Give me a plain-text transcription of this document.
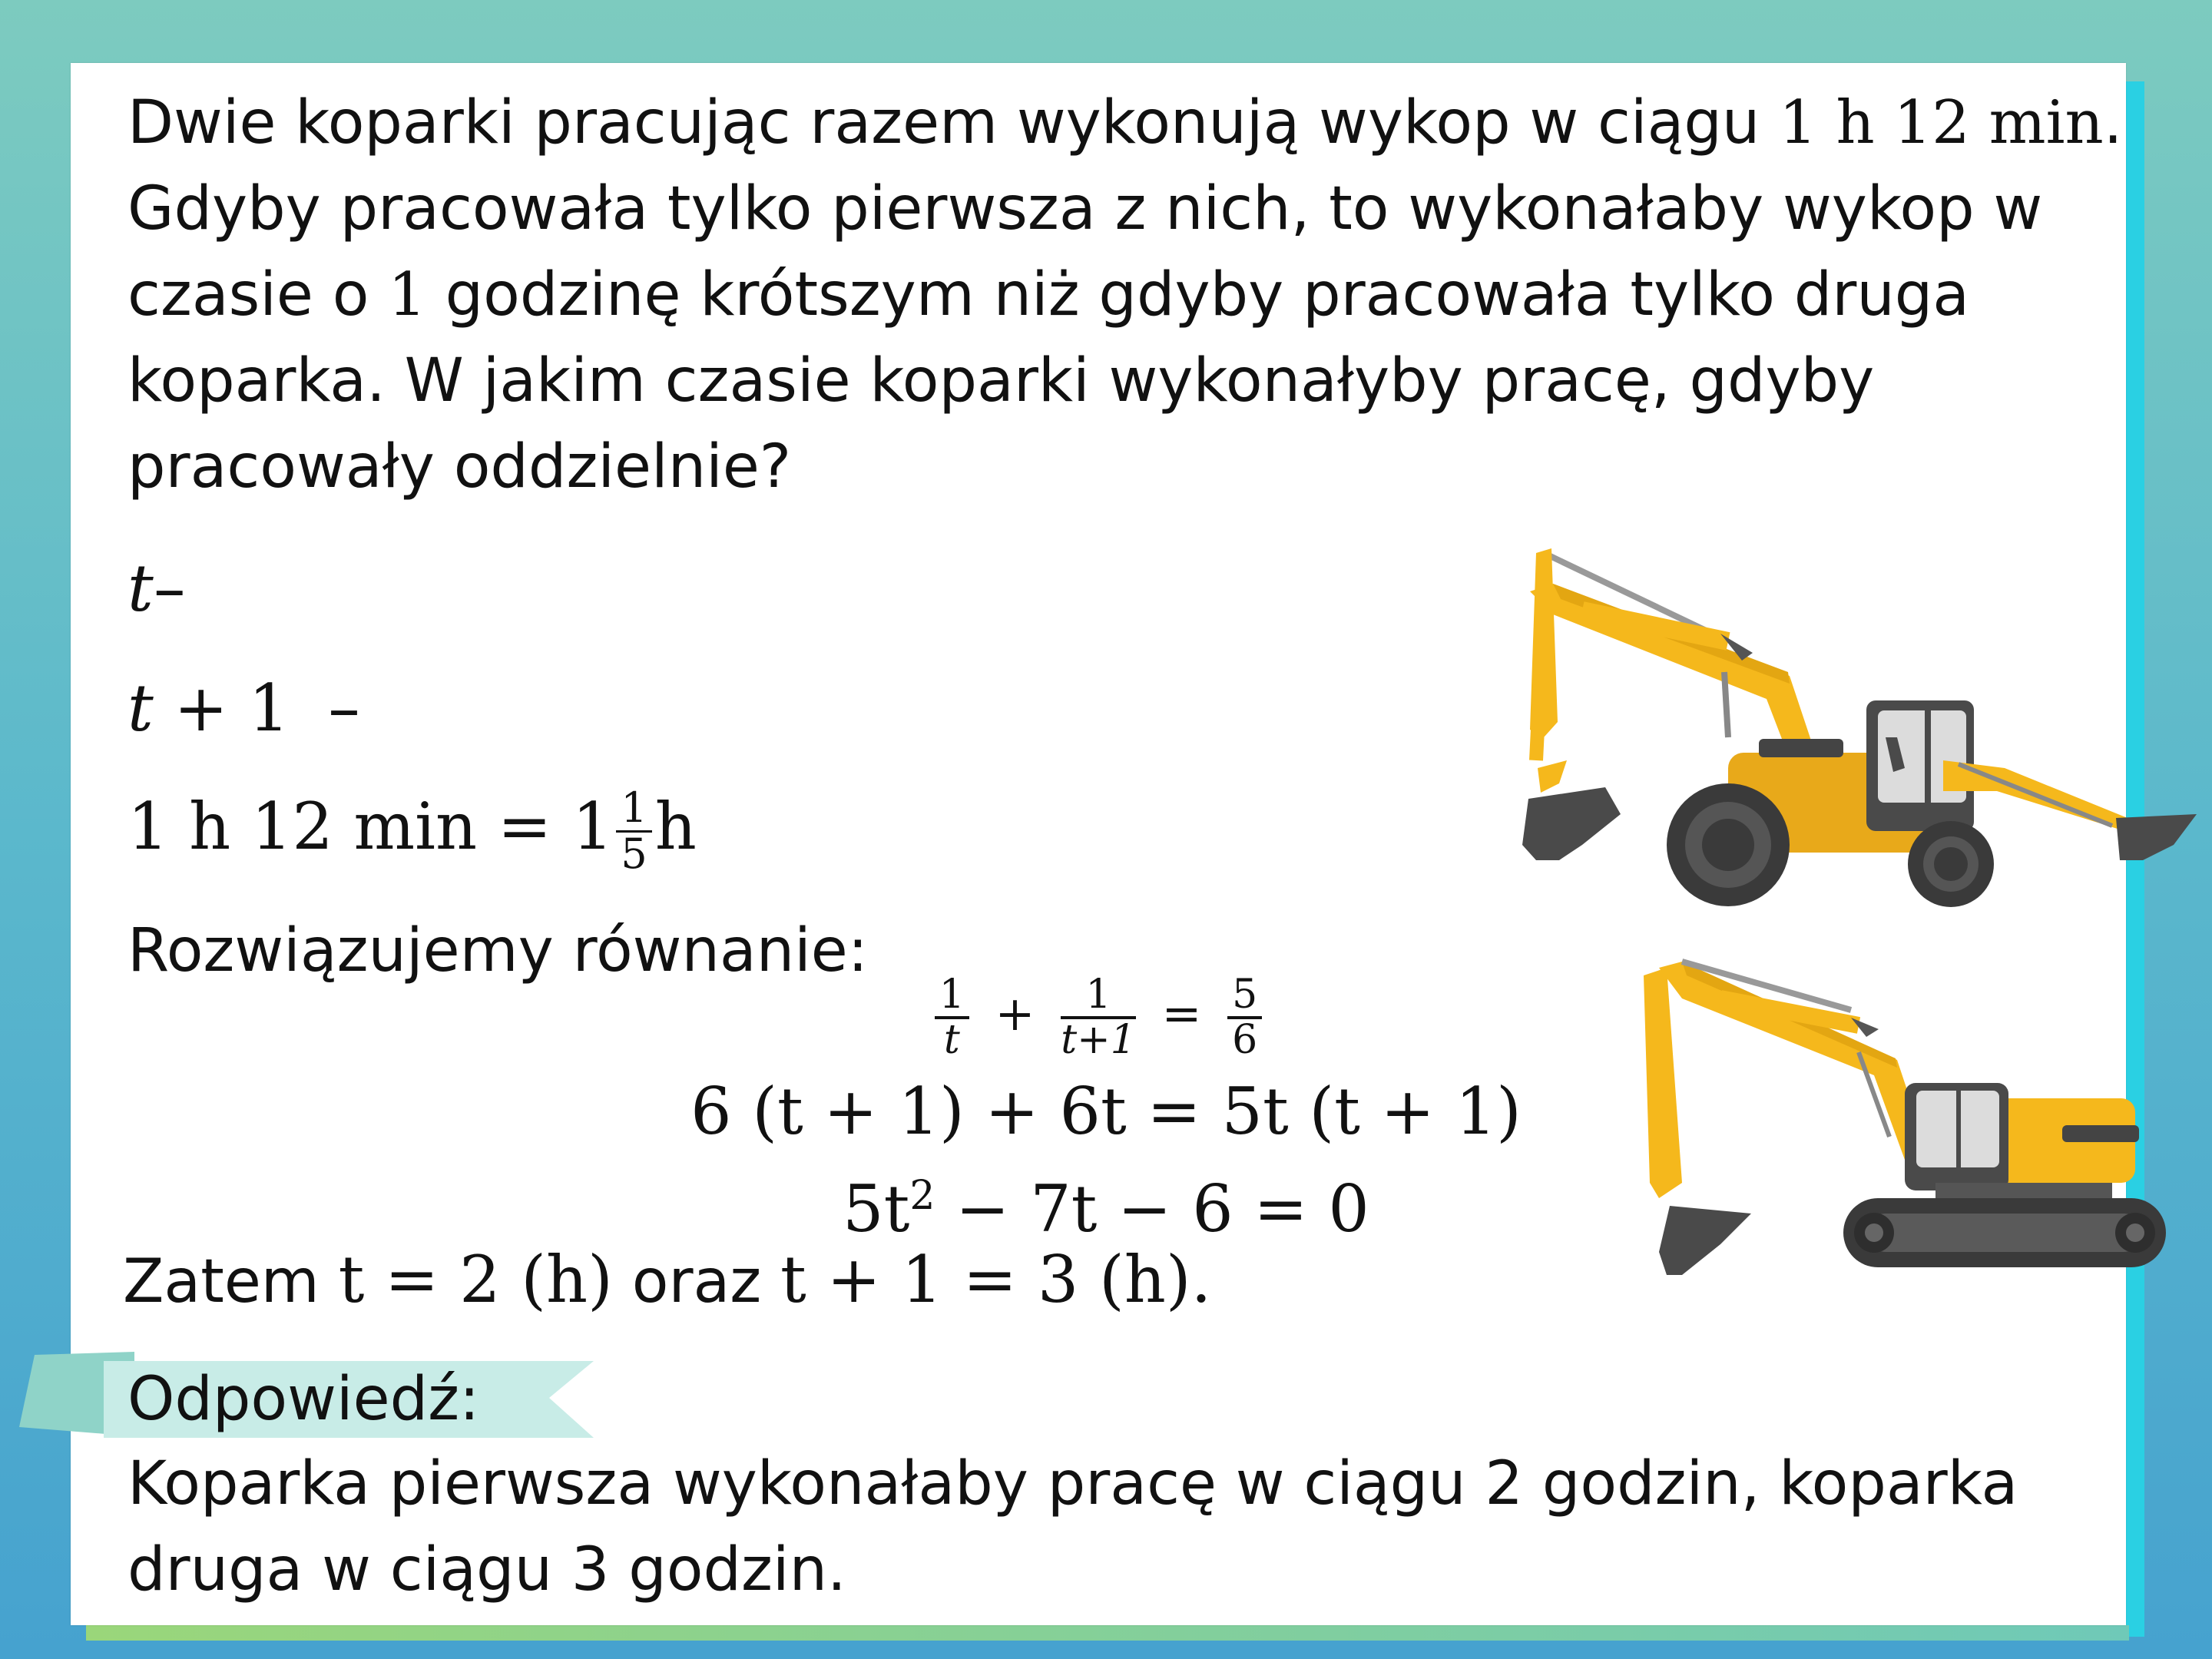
Dwie koparki pracując razem wykonują wykop w ciągu 1 h 12 min.
Gdyby pracowała tylko pierwsza z nich, to wykonałaby wykop w
czasie o 1 godzinę krótszym niż gdyby pracowała tylko druga
koparka. W jakim czasie koparki wykonałyby pracę, gdyby
pracowały oddzielnie?
t–
t + 1 –
1 h 12 $\min = 1 \frac{1}{5}$ h
Rozwiązujemy równanie:
$\frac{1}{t} + \frac{1}{t+1} = \frac{5}{6}$
6 (t + 1) + 6t = 5t (t + 1)
$5t^2 - 7t - 6 = 0$
Zatem t = 2 (h) oraz t + 1 = 3 (h).
Odpowiedź:
Koparka pierwsza wykonałaby pracę w ciągu 2 godzin, koparka
druga w ciągu 3 godzin.
